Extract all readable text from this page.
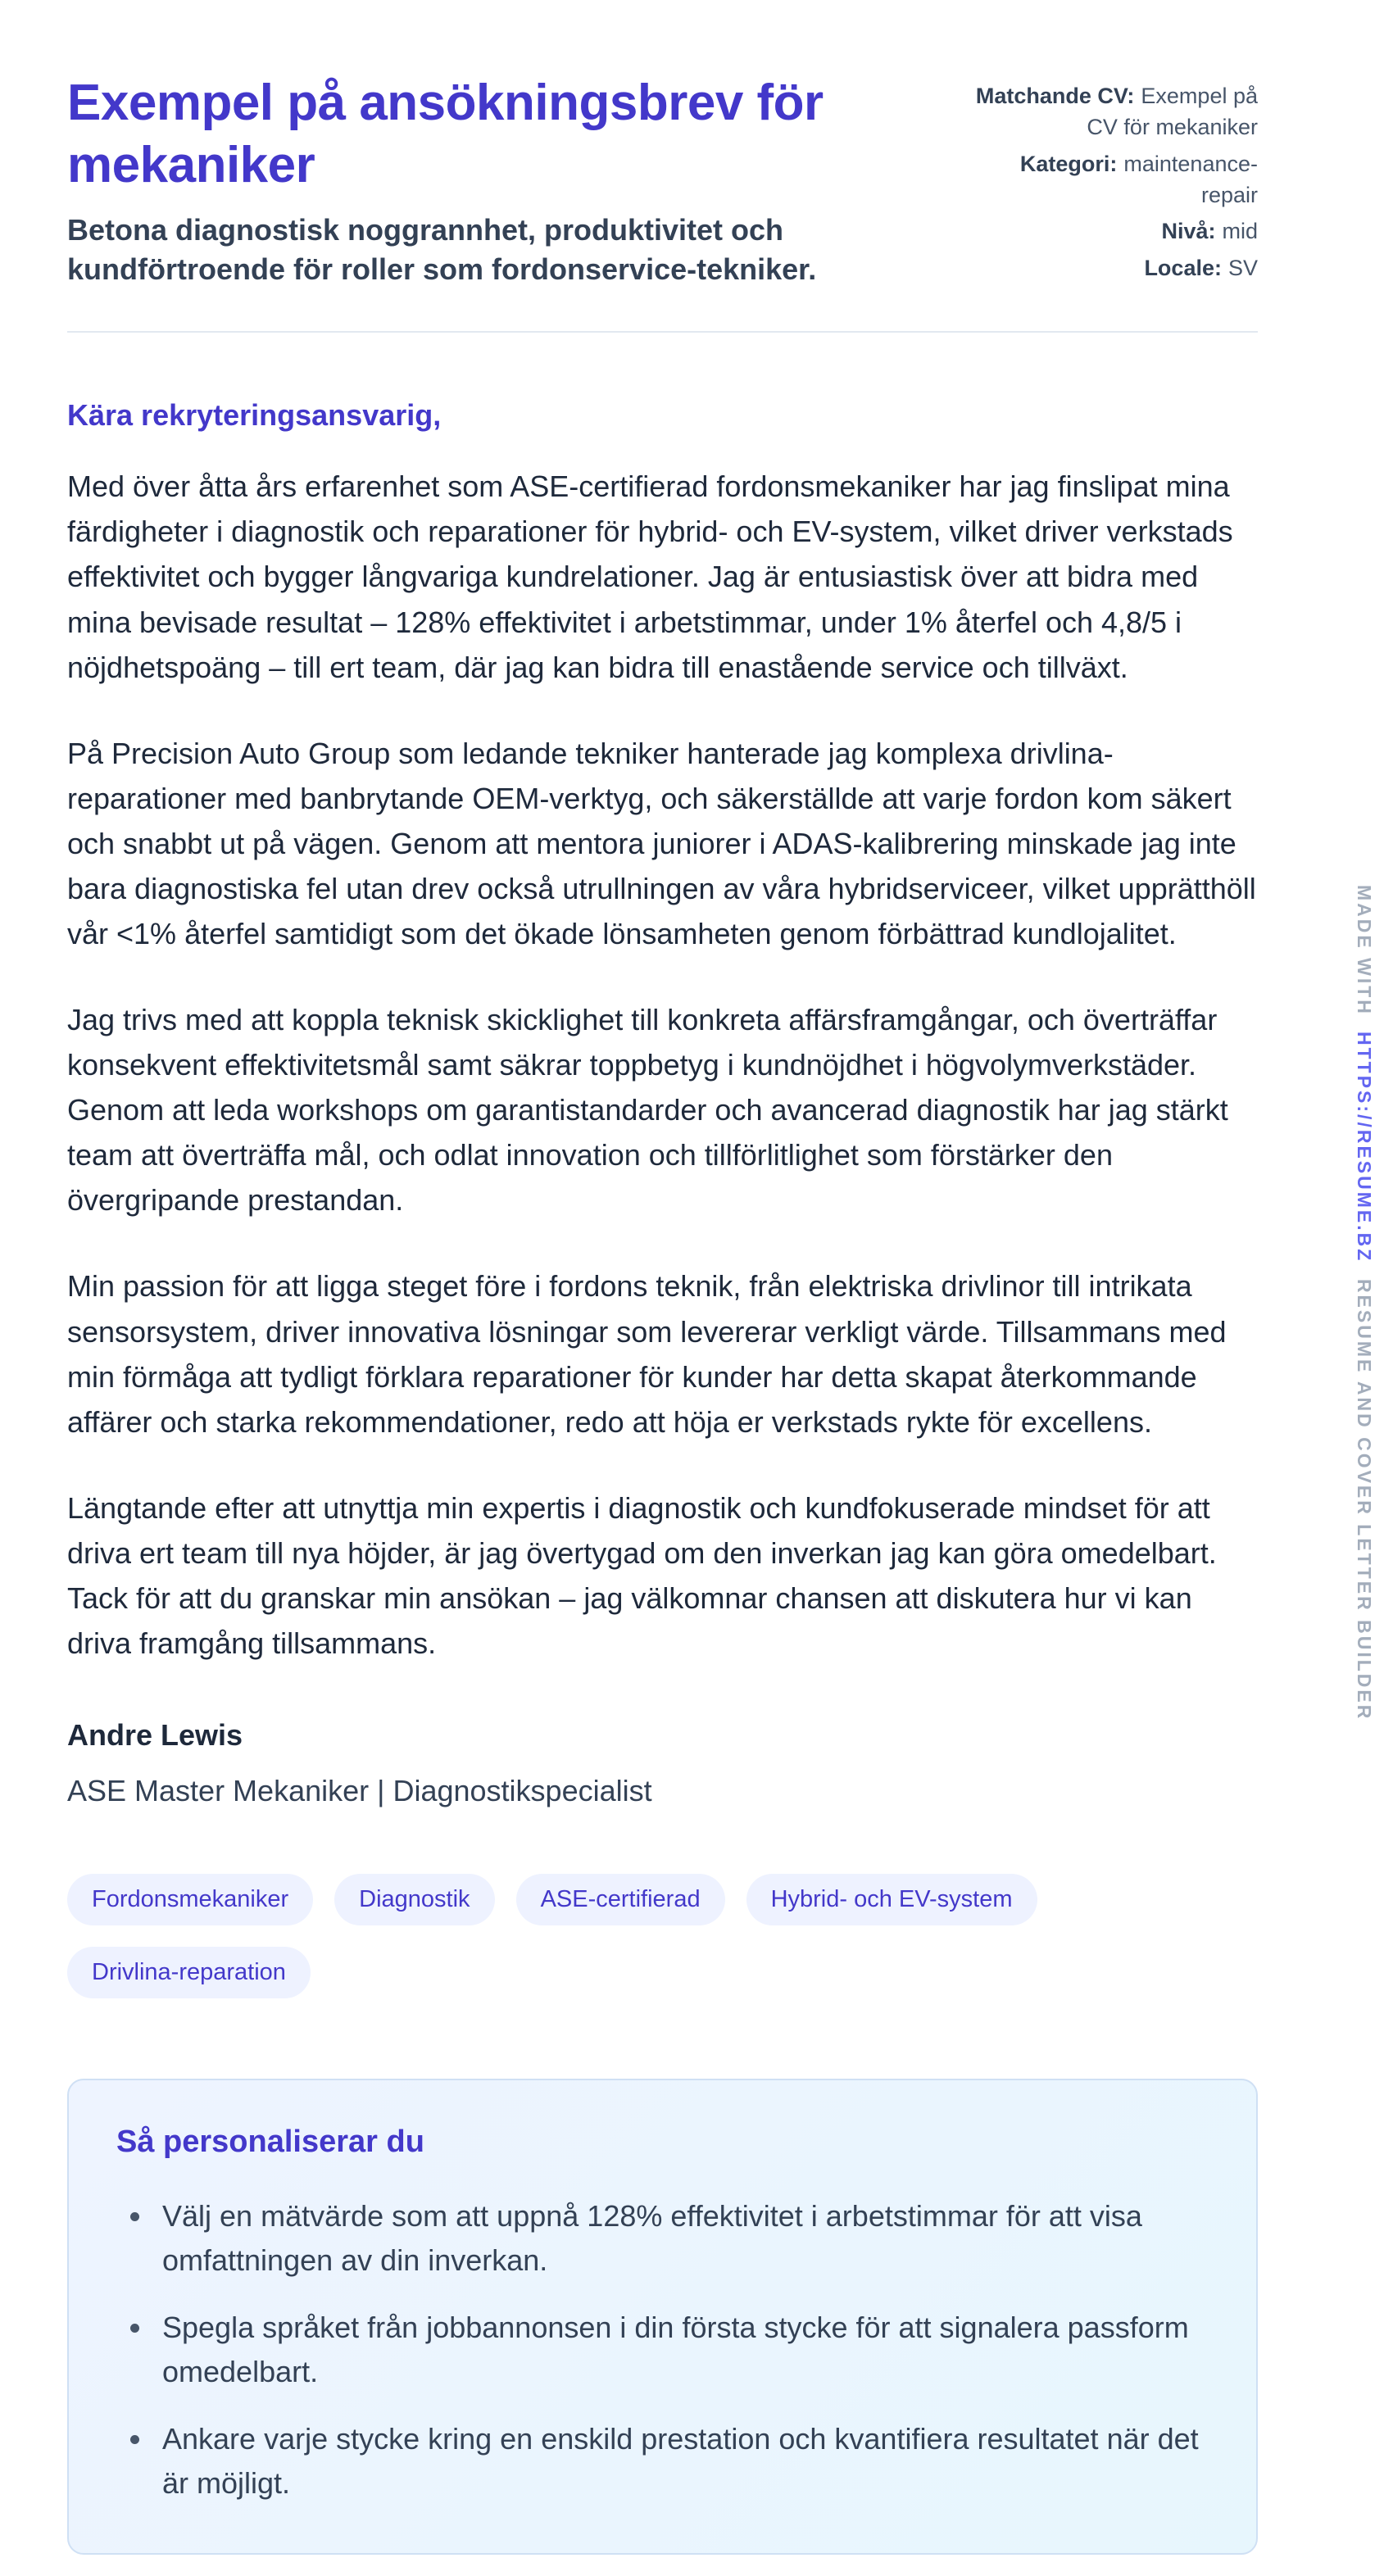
Exempel på ansökningsbrev för mekaniker

Betona diagnostisk noggrannhet, produktivitet och kundförtroende för roller som fordonservice-tekniker.

Matchande CV: Exempel på CV för mekaniker
Kategori: maintenance-repair
Nivå: mid
Locale: SV

Kära rekryteringsansvarig,

Med över åtta års erfarenhet som ASE-certifierad fordonsmekaniker har jag finslipat mina färdigheter i diagnostik och reparationer för hybrid- och EV-system, vilket driver verkstads effektivitet och bygger långvariga kundrelationer. Jag är entusiastisk över att bidra med mina bevisade resultat – 128% effektivitet i arbetstimmar, under 1% återfel och 4,8/5 i nöjdhetspoäng – till ert team, där jag kan bidra till enastående service och tillväxt.

På Precision Auto Group som ledande tekniker hanterade jag komplexa drivlina-reparationer med banbrytande OEM-verktyg, och säkerställde att varje fordon kom säkert och snabbt ut på vägen. Genom att mentora juniorer i ADAS-kalibrering minskade jag inte bara diagnostiska fel utan drev också utrullningen av våra hybridserviceer, vilket upprätthöll vår <1% återfel samtidigt som det ökade lönsamheten genom förbättrad kundlojalitet.

Jag trivs med att koppla teknisk skicklighet till konkreta affärsframgångar, och överträffar konsekvent effektivitetsmål samt säkrar toppbetyg i kundnöjdhet i högvolymverkstäder. Genom att leda workshops om garantistandarder och avancerad diagnostik har jag stärkt team att överträffa mål, och odlat innovation och tillförlitlighet som förstärker den övergripande prestandan.

Min passion för att ligga steget före i fordons teknik, från elektriska drivlinor till intrikata sensorsystem, driver innovativa lösningar som levererar verkligt värde. Tillsammans med min förmåga att tydligt förklara reparationer för kunder har detta skapat återkommande affärer och starka rekommendationer, redo att höja er verkstads rykte för excellens.

Längtande efter att utnyttja min expertis i diagnostik och kundfokuserade mindset för att driva ert team till nya höjder, är jag övertygad om den inverkan jag kan göra omedelbart. Tack för att du granskar min ansökan – jag välkomnar chansen att diskutera hur vi kan driva framgång tillsammans.

Andre Lewis

ASE Master Mekaniker | Diagnostikspecialist

Fordonsmekaniker	Diagnostik	ASE-certifierad	Hybrid- och EV-system
Drivlina-reparation
Så personaliserar du
• Välj en mätvärde som att uppnå 128% effektivitet i arbetstimmar för att visa omfattningen av din inverkan.
• Spegla språket från jobbannonsen i din första stycke för att signalera passform omedelbart.
• Ankare varje stycke kring en enskild prestation och kvantifiera resultatet när det är möjligt.
MADE WITH HTTPS://RESUME.BZ RESUME AND COVER LETTER BUILDER
